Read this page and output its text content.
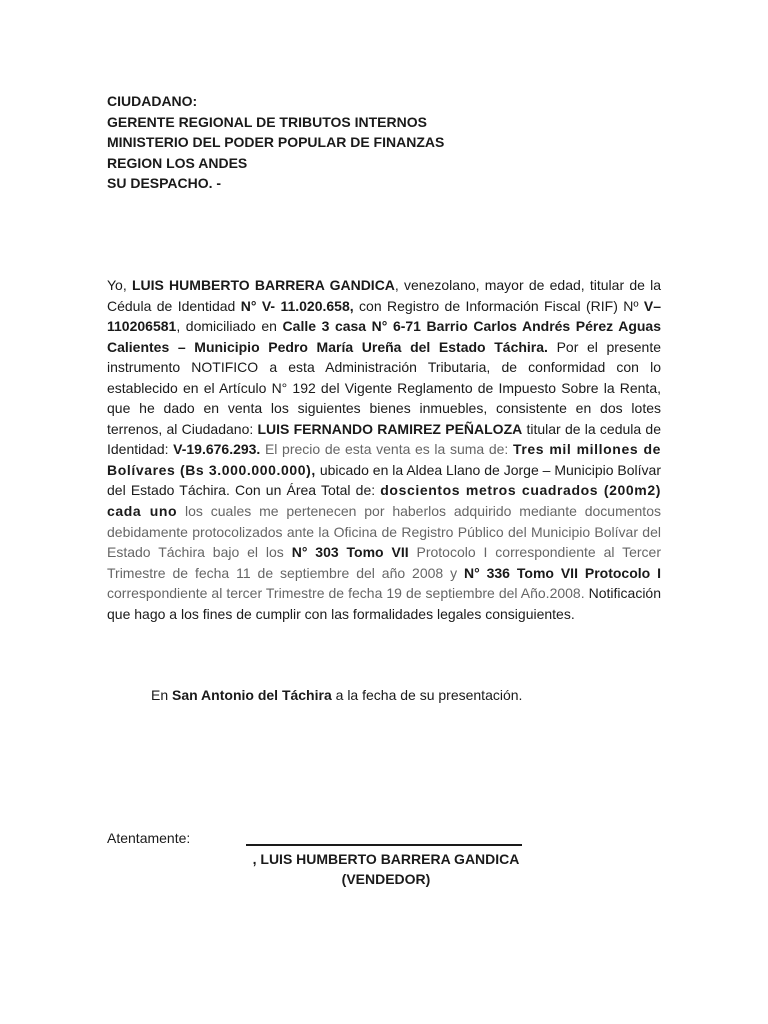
CIUDADANO:
GERENTE REGIONAL DE TRIBUTOS INTERNOS
MINISTERIO DEL PODER POPULAR DE FINANZAS
REGION LOS ANDES
SU DESPACHO. -
Yo, LUIS HUMBERTO BARRERA GANDICA, venezolano, mayor de edad, titular de la Cédula de Identidad N° V- 11.020.658, con Registro de Información Fiscal (RIF) Nº V– 110206581, domiciliado en Calle 3 casa N° 6-71 Barrio Carlos Andrés Pérez Aguas Calientes – Municipio Pedro María Ureña del Estado Táchira. Por el presente instrumento NOTIFICO a esta Administración Tributaria, de conformidad con lo establecido en el Artículo N° 192 del Vigente Reglamento de Impuesto Sobre la Renta, que he dado en venta los siguientes bienes inmuebles, consistente en dos lotes terrenos, al Ciudadano: LUIS FERNANDO RAMIREZ PEÑALOZA titular de la cedula de Identidad: V-19.676.293. El precio de esta venta es la suma de: Tres mil millones de Bolívares (Bs 3.000.000.000), ubicado en la Aldea Llano de Jorge – Municipio Bolívar del Estado Táchira. Con un Área Total de: doscientos metros cuadrados (200m2) cada uno los cuales me pertenecen por haberlos adquirido mediante documentos debidamente protocolizados ante la Oficina de Registro Público del Municipio Bolívar del Estado Táchira bajo el los N° 303 Tomo VII Protocolo I correspondiente al Tercer Trimestre de fecha 11 de septiembre del año 2008 y N° 336 Tomo VII Protocolo I correspondiente al tercer Trimestre de fecha 19 de septiembre del Año.2008. Notificación que hago a los fines de cumplir con las formalidades legales consiguientes.
En San Antonio del Táchira a la fecha de su presentación.
Atentamente:
, LUIS HUMBERTO BARRERA GANDICA
(VENDEDOR)
